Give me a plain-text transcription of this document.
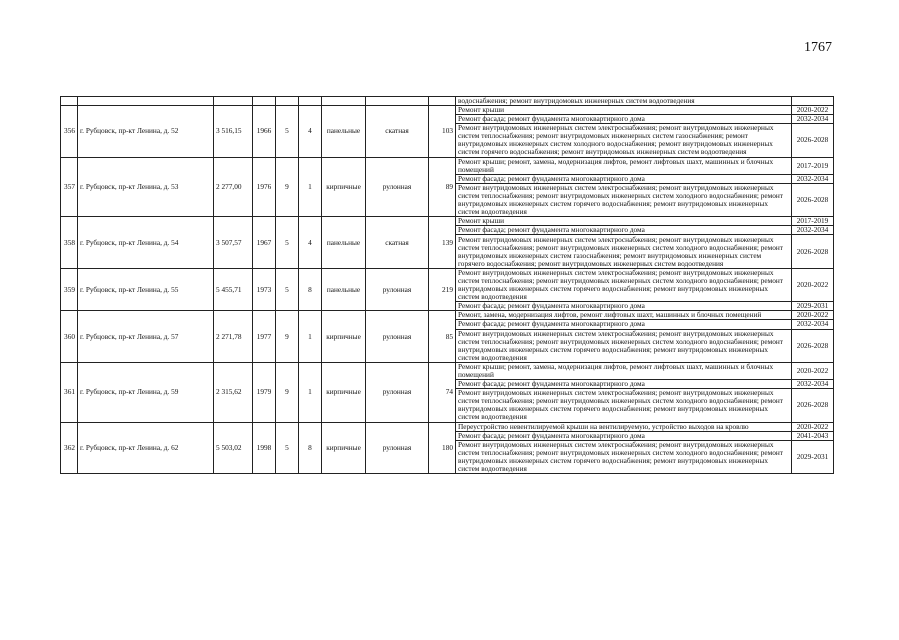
1767
									водоснабжения; ремонт внутридомовых инженерных систем водоотведения	
356	г. Рубцовск, пр-кт Ленина, д. 52	3 516,15	1966	5	4	панельные	скатная	103	Ремонт крыши	2020-2022
									Ремонт фасада; ремонт фундамента многоквартирного дома	2032-2034
									Ремонт внутридомовых инженерных систем электроснабжения; ремонт внутридомовых инженерных систем теплоснабжения; ремонт внутридомовых инженерных систем газоснабжения; ремонт внутридомовых инженерных систем холодного водоснабжения; ремонт внутридомовых инженерных систем горячего водоснабжения; ремонт внутридомовых инженерных систем водоотведения	2026-2028
357	г. Рубцовск, пр-кт Ленина, д. 53	2 277,00	1976	9	1	кирпичные	рулонная	89	Ремонт крыши; ремонт, замена, модернизация лифтов, ремонт лифтовых шахт, машинных и блочных помещений	2017-2019
									Ремонт фасада; ремонт фундамента многоквартирного дома	2032-2034
									Ремонт внутридомовых инженерных систем электроснабжения; ремонт внутридомовых инженерных систем теплоснабжения; ремонт внутридомовых инженерных систем холодного водоснабжения; ремонт внутридомовых инженерных систем горячего водоснабжения; ремонт внутридомовых инженерных систем водоотведения	2026-2028
358	г. Рубцовск, пр-кт Ленина, д. 54	3 507,57	1967	5	4	панельные	скатная	139	Ремонт крыши	2017-2019
									Ремонт фасада; ремонт фундамента многоквартирного дома	2032-2034
									Ремонт внутридомовых инженерных систем электроснабжения; ремонт внутридомовых инженерных систем теплоснабжения; ремонт внутридомовых инженерных систем холодного водоснабжения; ремонт внутридомовых инженерных систем газоснабжения; ремонт внутридомовых инженерных систем горячего водоснабжения; ремонт внутридомовых инженерных систем водоотведения	2026-2028
359	г. Рубцовск, пр-кт Ленина, д. 55	5 455,71	1973	5	8	панельные	рулонная	219	Ремонт внутридомовых инженерных систем электроснабжения; ремонт внутридомовых инженерных систем теплоснабжения; ремонт внутридомовых инженерных систем холодного водоснабжения; ремонт внутридомовых инженерных систем горячего водоснабжения; ремонт внутридомовых инженерных систем водоотведения	2020-2022
									Ремонт фасада; ремонт фундамента многоквартирного дома	2029-2031
360	г. Рубцовск, пр-кт Ленина, д. 57	2 271,78	1977	9	1	кирпичные	рулонная	85	Ремонт, замена, модернизация лифтов, ремонт лифтовых шахт, машинных и блочных помещений	2020-2022
									Ремонт фасада; ремонт фундамента многоквартирного дома	2032-2034
									Ремонт внутридомовых инженерных систем электроснабжения; ремонт внутридомовых инженерных систем теплоснабжения; ремонт внутридомовых инженерных систем холодного водоснабжения; ремонт внутридомовых инженерных систем горячего водоснабжения; ремонт внутридомовых инженерных систем водоотведения	2026-2028
361	г. Рубцовск, пр-кт Ленина, д. 59	2 315,62	1979	9	1	кирпичные	рулонная	74	Ремонт крыши; ремонт, замена, модернизация лифтов, ремонт лифтовых шахт, машинных и блочных помещений	2020-2022
									Ремонт фасада; ремонт фундамента многоквартирного дома	2032-2034
									Ремонт внутридомовых инженерных систем электроснабжения; ремонт внутридомовых инженерных систем теплоснабжения; ремонт внутридомовых инженерных систем холодного водоснабжения; ремонт внутридомовых инженерных систем горячего водоснабжения; ремонт внутридомовых инженерных систем водоотведения	2026-2028
362	г. Рубцовск, пр-кт Ленина, д. 62	5 503,02	1998	5	8	кирпичные	рулонная	180	Переустройство невентилируемой крыши на вентилируемую, устройство выходов на кровлю	2020-2022
									Ремонт фасада; ремонт фундамента многоквартирного дома	2041-2043
									Ремонт внутридомовых инженерных систем электроснабжения; ремонт внутридомовых инженерных систем теплоснабжения; ремонт внутридомовых инженерных систем холодного водоснабжения; ремонт внутридомовых инженерных систем горячего водоснабжения; ремонт внутридомовых инженерных систем водоотведения	2029-2031
